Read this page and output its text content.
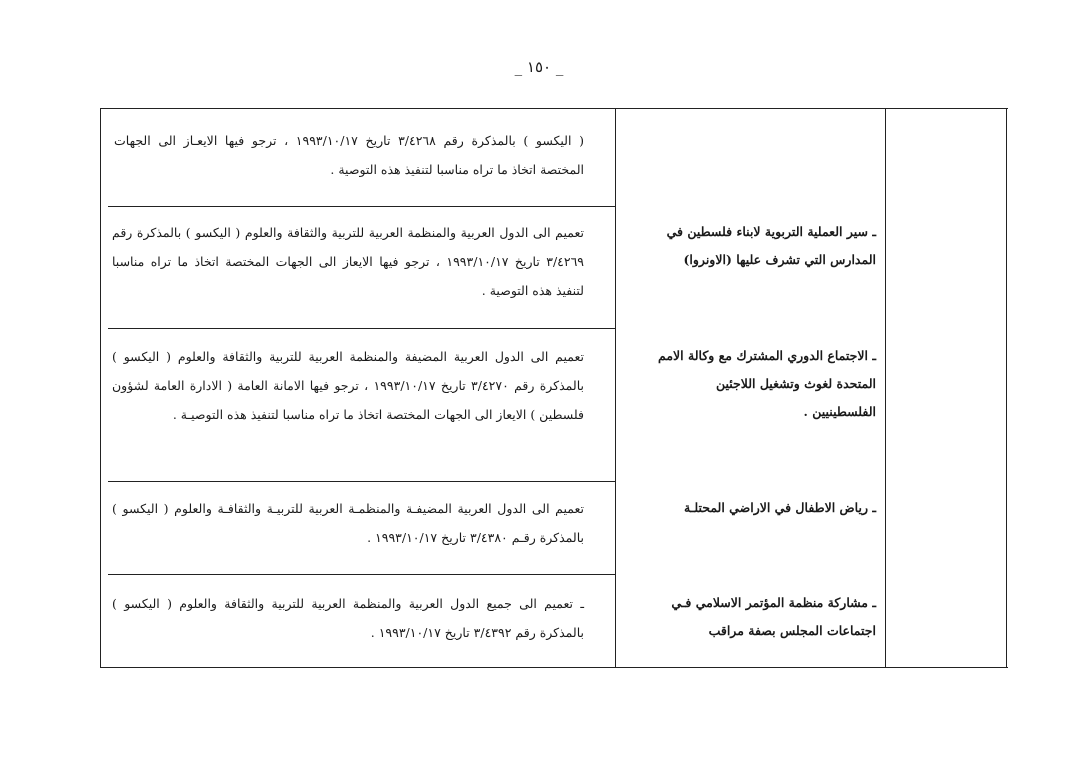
_ ١٥٠ _
( اليكسو ) بالمذكرة رقم ٣/٤٢٦٨ تاريخ ١٩٩٣/١٠/١٧ ، ترجو فيها الايعـاز الى الجهات المختصة اتخاذ ما تراه مناسبا لتنفيذ هذه التوصية .
ـ سير العملية التربوية لابناء فلسطين في المدارس التي تشرف عليها (الاونروا)
تعميم الى الدول العربية والمنظمة العربية للتربية والثقافة والعلوم ( اليكسو ) بالمذكرة رقم ٣/٤٢٦٩ تاريخ ١٩٩٣/١٠/١٧ ، ترجو فيها الايعاز الى الجهات المختصة اتخاذ ما تراه مناسبا لتنفيذ هذه التوصية .
ـ الاجتماع الدوري المشترك مع وكالة الامم المتحدة لغوث وتشغيل اللاجئين الفلسطينيين .
تعميم الى الدول العربية المضيفة والمنظمة العربية للتربية والثقافة والعلوم ( اليكسو ) بالمذكرة رقم ٣/٤٢٧٠ تاريخ ١٩٩٣/١٠/١٧ ، ترجو فيها الامانة العامة ( الادارة العامة لشؤون فلسطين ) الايعاز الى الجهات المختصة اتخاذ ما تراه مناسبا لتنفيذ هذه التوصيـة .
ـ رياض الاطفال في الاراضي المحتلـة
تعميم الى الدول العربية المضيفـة والمنظمـة العربية للتربيـة والثقافـة والعلوم ( اليكسو ) بالمذكرة رقـم ٣/٤٣٨٠ تاريخ ١٩٩٣/١٠/١٧ .
ـ مشاركة منظمة المؤتمر الاسلامي فـي اجتماعات المجلس بصفة مراقب
ـ تعميم الى جميع الدول العربية والمنظمة العربية للتربية والثقافة والعلوم ( اليكسو ) بالمذكرة رقم ٣/٤٣٩٢ تاريخ ١٩٩٣/١٠/١٧ .
